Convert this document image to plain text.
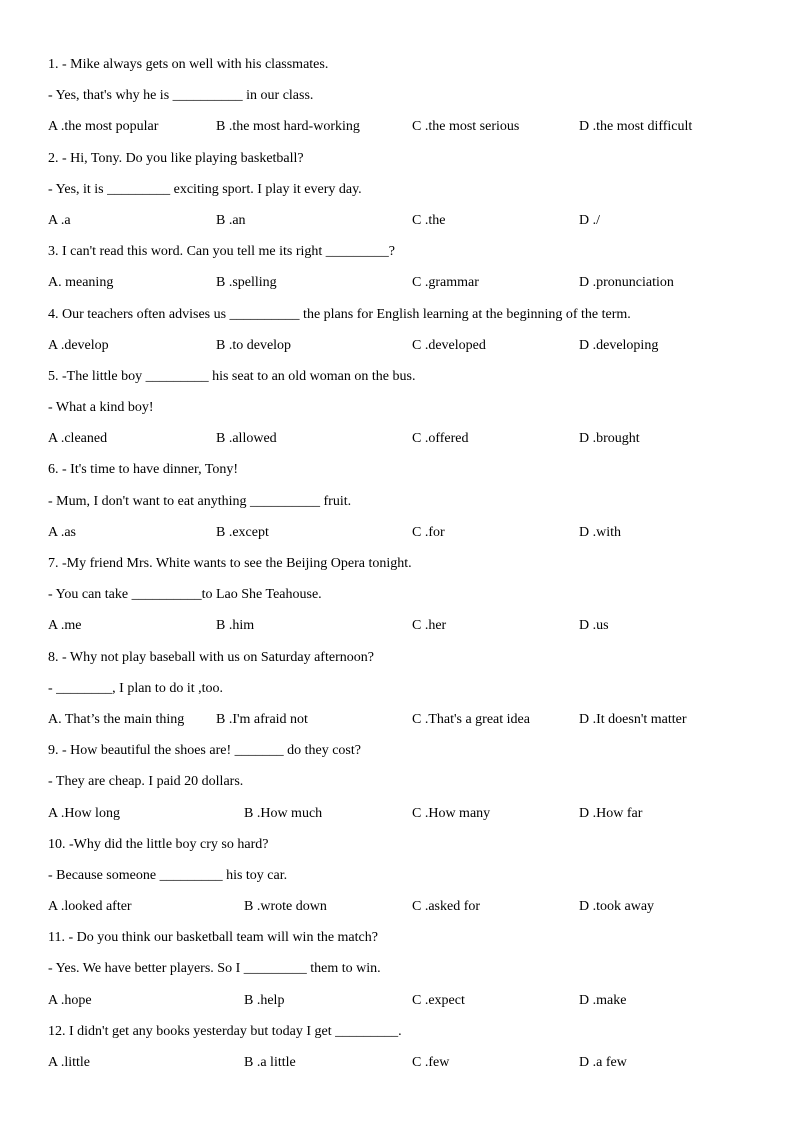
1. - Mike always gets on well with his classmates.
- Yes, that's why he is __________ in our class.
A .the most popular	B .the most hard-working	C .the most serious	D .the most difficult
2. - Hi, Tony. Do you like playing basketball?
- Yes, it is _________ exciting sport. I play it every day.
A .a	B .an	C .the	D ./
3. I can't read this word. Can you tell me its right _________?
A. meaning	B .spelling	C .grammar	D .pronunciation
4. Our teachers often advises us __________ the plans for English learning at the beginning of the term.
A .develop	B .to develop	C .developed	D .developing
5. -The little boy _________ his seat to an old woman on the bus.
- What a kind boy!
A .cleaned	B .allowed	C .offered	D .brought
6. - It's time to have dinner, Tony!
- Mum, I don't want to eat anything __________ fruit.
A .as	B .except	C .for	D .with
7. -My friend Mrs. White wants to see the Beijing Opera tonight.
- You can take __________to Lao She Teahouse.
A .me	B .him	C .her	D .us
8. - Why not play baseball with us on Saturday afternoon?
- ________, I plan to do it ,too.
A. That’s the main thing B .I'm afraid not	C .That's a great idea	D .It doesn't matter
9. - How beautiful the shoes are! _______ do they cost?
- They are cheap. I paid 20 dollars.
A .How long	B .How much	C .How many	D .How far
10. -Why did the little boy cry so hard?
- Because someone _________ his toy car.
A .looked after	B .wrote down	C .asked for	D .took away
11. - Do you think our basketball team will win the match?
- Yes. We have better players. So I _________ them to win.
A .hope	B .help	C .expect	D .make
12. I didn't get any books yesterday but today I get _________.
A .little	B .a little	C .few	D .a few
